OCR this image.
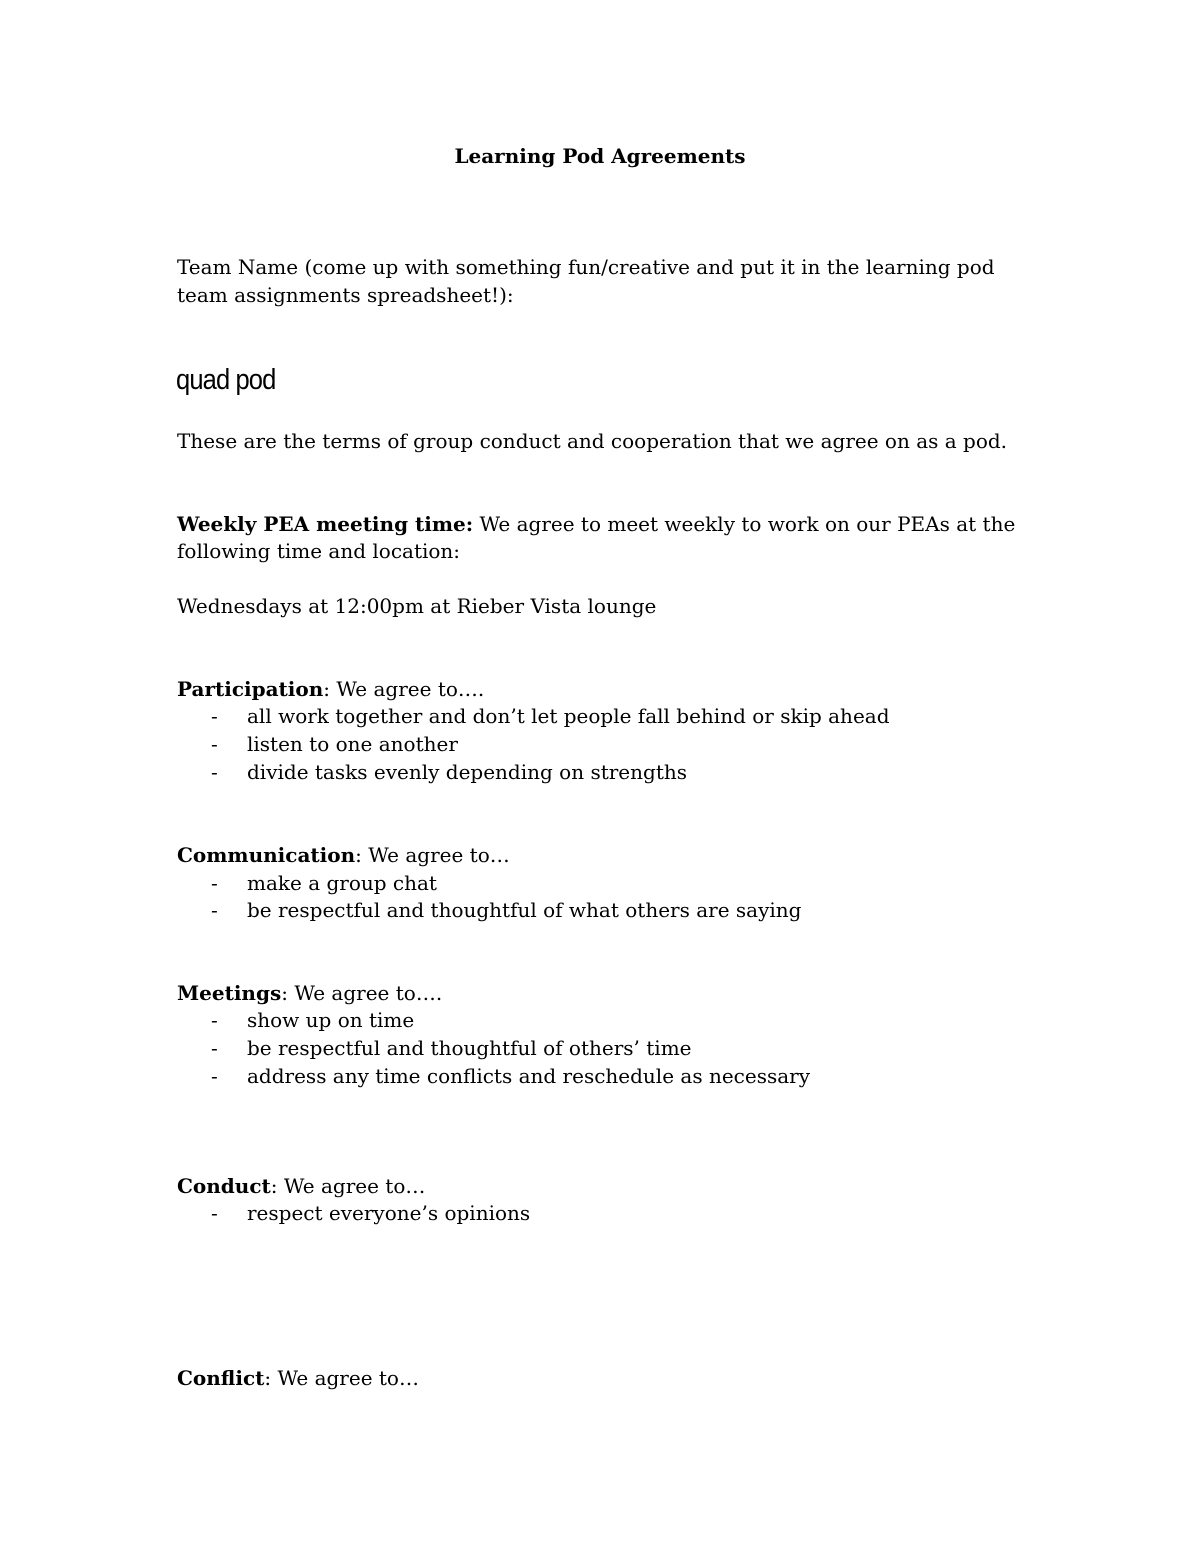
Learning Pod Agreements
Team Name (come up with something fun/creative and put it in the learning pod
team assignments spreadsheet!):
quad pod
These are the terms of group conduct and cooperation that we agree on as a pod.
Weekly PEA meeting time: We agree to meet weekly to work on our PEAs at the
following time and location:
Wednesdays at 12:00pm at Rieber Vista lounge
Participation: We agree to….
- all work together and don’t let people fall behind or skip ahead
- listen to one another
- divide tasks evenly depending on strengths
Communication: We agree to…
- make a group chat
- be respectful and thoughtful of what others are saying
Meetings: We agree to….
- show up on time
- be respectful and thoughtful of others’ time
- address any time conflicts and reschedule as necessary
Conduct: We agree to…
- respect everyone’s opinions
Conflict: We agree to…
